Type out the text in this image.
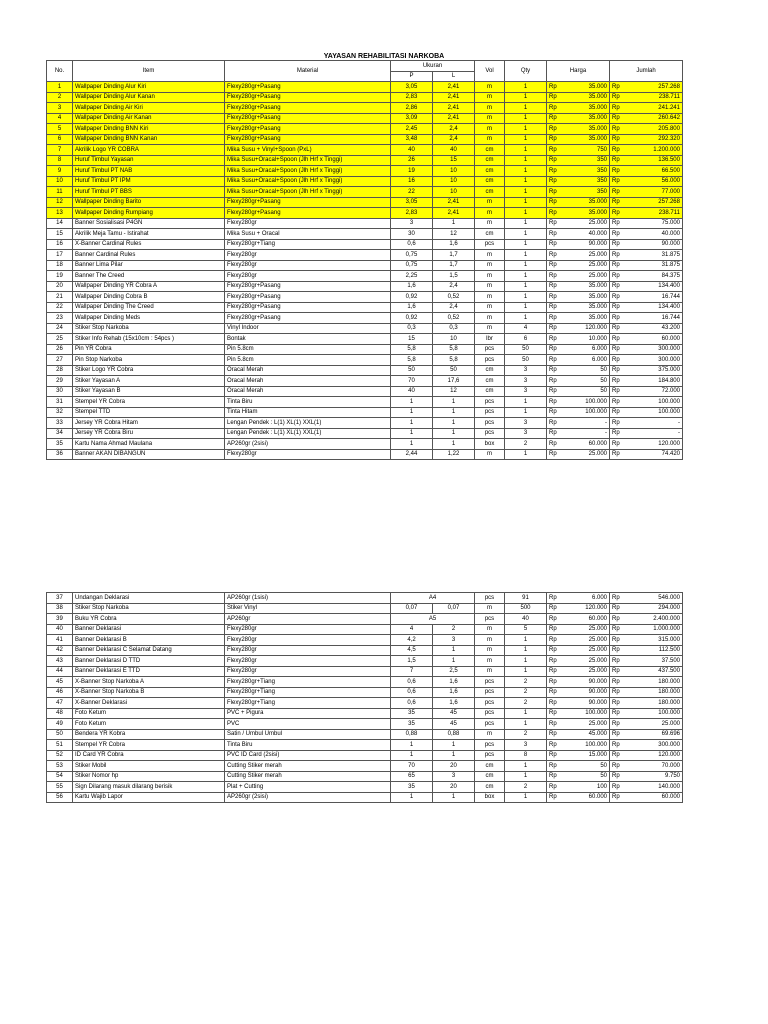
YAYASAN REHABILITASI NARKOBA
No.	Item	Material	Ukuran		Vol	Qty	Harga		Jumlah	
			P	L						
1	Wallpaper Dinding Alur Kiri	Flexy280gr+Pasang	3,05	2,41	m	1	Rp	35.000	Rp	257.268
2	Wallpaper Dinding Alur Kanan	Flexy280gr+Pasang	2,83	2,41	m	1	Rp	35.000	Rp	238.711
3	Wallpaper Dinding Air Kiri	Flexy280gr+Pasang	2,86	2,41	m	1	Rp	35.000	Rp	241.241
4	Wallpaper Dinding Air Kanan	Flexy280gr+Pasang	3,09	2,41	m	1	Rp	35.000	Rp	260.642
5	Wallpaper Dinding BNN Kiri	Flexy280gr+Pasang	2,45	2,4	m	1	Rp	35.000	Rp	205.800
6	Wallpaper Dinding BNN Kanan	Flexy280gr+Pasang	3,48	2,4	m	1	Rp	35.000	Rp	292.320
7	Akrilik Logo YR COBRA	Mika Susu + Vinyl+Spoon (PxL)	40	40	cm	1	Rp	750	Rp	1.200.000
8	Huruf Timbul Yayasan	Mika Susu+Oracal+Spoon (Jlh Hrf x Tinggi)	26	15	cm	1	Rp	350	Rp	136.500
9	Huruf Timbul PT NAB	Mika Susu+Oracal+Spoon (Jlh Hrf x Tinggi)	19	10	cm	1	Rp	350	Rp	66.500
10	Huruf Timbul PT IPM	Mika Susu+Oracal+Spoon (Jlh Hrf x Tinggi)	16	10	cm	1	Rp	350	Rp	56.000
11	Huruf Timbul PT BBS	Mika Susu+Oracal+Spoon (Jlh Hrf x Tinggi)	22	10	cm	1	Rp	350	Rp	77.000
12	Wallpaper Dinding Barito	Flexy280gr+Pasang	3,05	2,41	m	1	Rp	35.000	Rp	257.268
13	Wallpaper Dinding Rumpiang	Flexy280gr+Pasang	2,83	2,41	m	1	Rp	35.000	Rp	238.711
14	Banner Sosialisasi P4GN	Flexy280gr	3	1	m	1	Rp	25.000	Rp	75.000
15	Akrilik Meja Tamu - Istirahat	Mika Susu + Oracal	30	12	cm	1	Rp	40.000	Rp	40.000
16	X-Banner Cardinal Rules	Flexy280gr+Tiang	0,6	1,6	pcs	1	Rp	90.000	Rp	90.000
17	Banner Cardinal Rules	Flexy280gr	0,75	1,7	m	1	Rp	25.000	Rp	31.875
18	Banner Lima Pilar	Flexy280gr	0,75	1,7	m	1	Rp	25.000	Rp	31.875
19	Banner The Creed	Flexy280gr	2,25	1,5	m	1	Rp	25.000	Rp	84.375
20	Wallpaper Dinding YR Cobra A	Flexy280gr+Pasang	1,6	2,4	m	1	Rp	35.000	Rp	134.400
21	Wallpaper Dinding Cobra B	Flexy280gr+Pasang	0,92	0,52	m	1	Rp	35.000	Rp	16.744
22	Wallpaper Dinding The Creed	Flexy280gr+Pasang	1,6	2,4	m	1	Rp	35.000	Rp	134.400
23	Wallpaper Dinding Meds	Flexy280gr+Pasang	0,92	0,52	m	1	Rp	35.000	Rp	16.744
24	Stiker Stop Narkoba	Vinyl Indoor	0,3	0,3	m	4	Rp	120.000	Rp	43.200
25	Stiker Info Rehab (15x10cm : 54pcs )	Bontak	15	10	lbr	6	Rp	10.000	Rp	60.000
26	Pin YR Cobra	Pin 5.8cm	5,8	5,8	pcs	50	Rp	6.000	Rp	300.000
27	Pin Stop Narkoba	Pin 5.8cm	5,8	5,8	pcs	50	Rp	6.000	Rp	300.000
28	Stiker Logo YR Cobra	Oracal Merah	50	50	cm	3	Rp	50	Rp	375.000
29	Stiker Yayasan A	Oracal Merah	70	17,6	cm	3	Rp	50	Rp	184.800
30	Stiker Yayasan B	Oracal Merah	40	12	cm	3	Rp	50	Rp	72.000
31	Stempel YR Cobra	Tinta Biru	1	1	pcs	1	Rp	100.000	Rp	100.000
32	Stempel TTD	Tinta Hitam	1	1	pcs	1	Rp	100.000	Rp	100.000
33	Jersey YR Cobra Hitam	Lengan Pendek : L(1) XL(1) XXL(1)	1	1	pcs	3	Rp	-	Rp	-
34	Jersey YR Cobra Biru	Lengan Pendek : L(1) XL(1) XXL(1)	1	1	pcs	3	Rp	-	Rp	-
35	Kartu Nama Ahmad Maulana	AP260gr (2sisi)	1	1	box	2	Rp	60.000	Rp	120.000
36	Banner AKAN DIBANGUN	Flexy280gr	2,44	1,22	m	1	Rp	25.000	Rp	74.420
37	Undangan Deklarasi	AP260gr (1sisi)	A4		pcs	91	Rp	6.000	Rp	546.000
38	Stiker Stop Narkoba	Stiker Vinyl	0,07	0,07	m	500	Rp	120.000	Rp	294.000
39	Buku YR Cobra	AP260gr	A5		pcs	40	Rp	60.000	Rp	2.400.000
40	Banner Deklarasi	Flexy280gr	4	2	m	5	Rp	25.000	Rp	1.000.000
41	Banner Deklarasi B	Flexy280gr	4,2	3	m	1	Rp	25.000	Rp	315.000
42	Banner Deklarasi C Selamat Datang	Flexy280gr	4,5	1	m	1	Rp	25.000	Rp	112.500
43	Banner Deklarasi D TTD	Flexy280gr	1,5	1	m	1	Rp	25.000	Rp	37.500
44	Banner Deklarasi E TTD	Flexy280gr	7	2,5	m	1	Rp	25.000	Rp	437.500
45	X-Banner Stop Narkoba A	Flexy280gr+Tiang	0,6	1,6	pcs	2	Rp	90.000	Rp	180.000
46	X-Banner Stop Narkoba B	Flexy280gr+Tiang	0,6	1,6	pcs	2	Rp	90.000	Rp	180.000
47	X-Banner Deklarasi	Flexy280gr+Tiang	0,6	1,6	pcs	2	Rp	90.000	Rp	180.000
48	Foto Ketum	PVC + Pigura	35	45	pcs	1	Rp	100.000	Rp	100.000
49	Foto Ketum	PVC	35	45	pcs	1	Rp	25.000	Rp	25.000
50	Bendera YR Kobra	Satin / Umbul Umbul	0,88	0,88	m	2	Rp	45.000	Rp	69.696
51	Stempel YR Cobra	Tinta Biru	1	1	pcs	3	Rp	100.000	Rp	300.000
52	ID Card YR Cobra	PVC ID Card (2sisi)	1	1	pcs	8	Rp	15.000	Rp	120.000
53	Stiker Mobil	Cutting Stiker merah	70	20	cm	1	Rp	50	Rp	70.000
54	Stiker Nomor hp	Cutting Stiker merah	65	3	cm	1	Rp	50	Rp	9.750
55	Sign Dilarang masuk dilarang berisik	Plat + Cutting	35	20	cm	2	Rp	100	Rp	140.000
56	Kartu Wajib Lapor	AP260gr (2sisi)	1	1	box	1	Rp	60.000	Rp	60.000
